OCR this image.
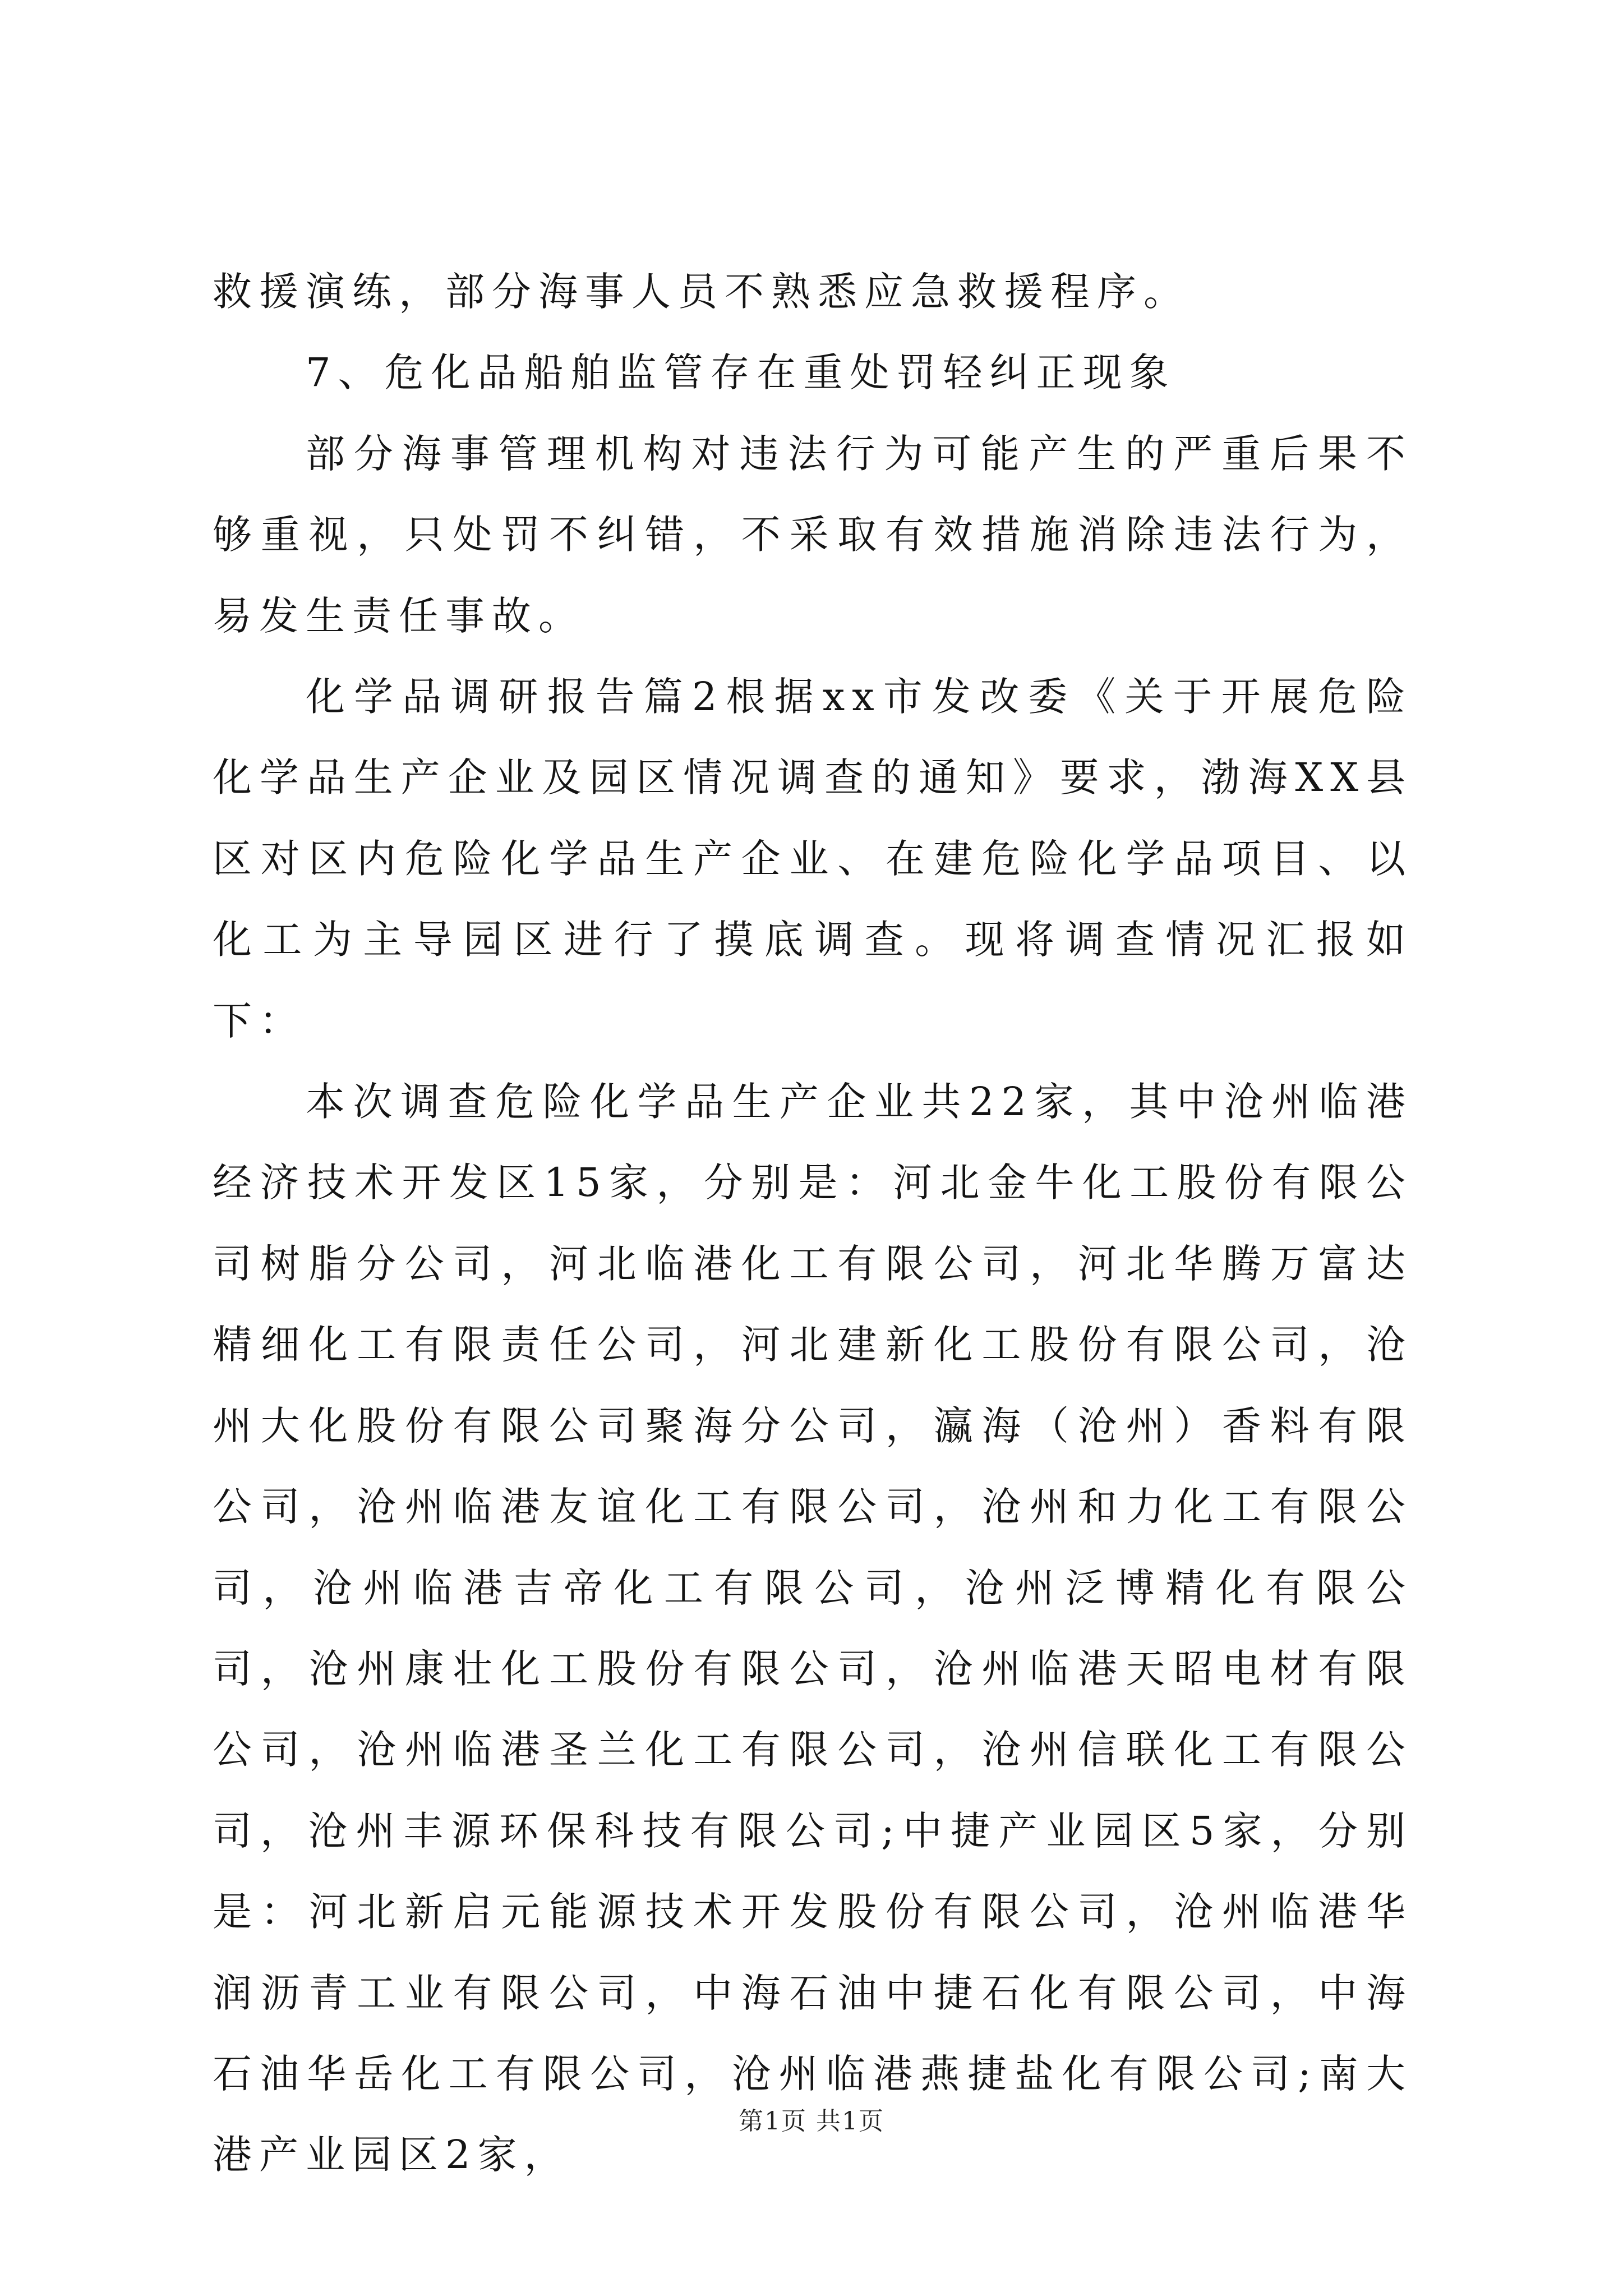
救援演练，部分海事人员不熟悉应急救援程序。

7、危化品船舶监管存在重处罚轻纠正现象

部分海事管理机构对违法行为可能产生的严重后果不够重视，只处罚不纠错，不采取有效措施消除违法行为，易发生责任事故。

化学品调研报告篇2根据xx市发改委《关于开展危险化学品生产企业及园区情况调查的通知》要求，渤海XX县区对区内危险化学品生产企业、在建危险化学品项目、以化工为主导园区进行了摸底调查。现将调查情况汇报如下：

本次调查危险化学品生产企业共22家，其中沧州临港经济技术开发区15家，分别是：河北金牛化工股份有限公司树脂分公司，河北临港化工有限公司，河北华腾万富达精细化工有限责任公司，河北建新化工股份有限公司，沧州大化股份有限公司聚海分公司，瀛海（沧州）香料有限公司，沧州临港友谊化工有限公司，沧州和力化工有限公司，沧州临港吉帝化工有限公司，沧州泛博精化有限公司，沧州康壮化工股份有限公司，沧州临港天昭电材有限公司，沧州临港圣兰化工有限公司，沧州信联化工有限公司，沧州丰源环保科技有限公司;中捷产业园区5家，分别是：河北新启元能源技术开发股份有限公司，沧州临港华润沥青工业有限公司，中海石油中捷石化有限公司，中海石油华岳化工有限公司，沧州临港燕捷盐化有限公司;南大港产业园区2家，

第1页 共1页
